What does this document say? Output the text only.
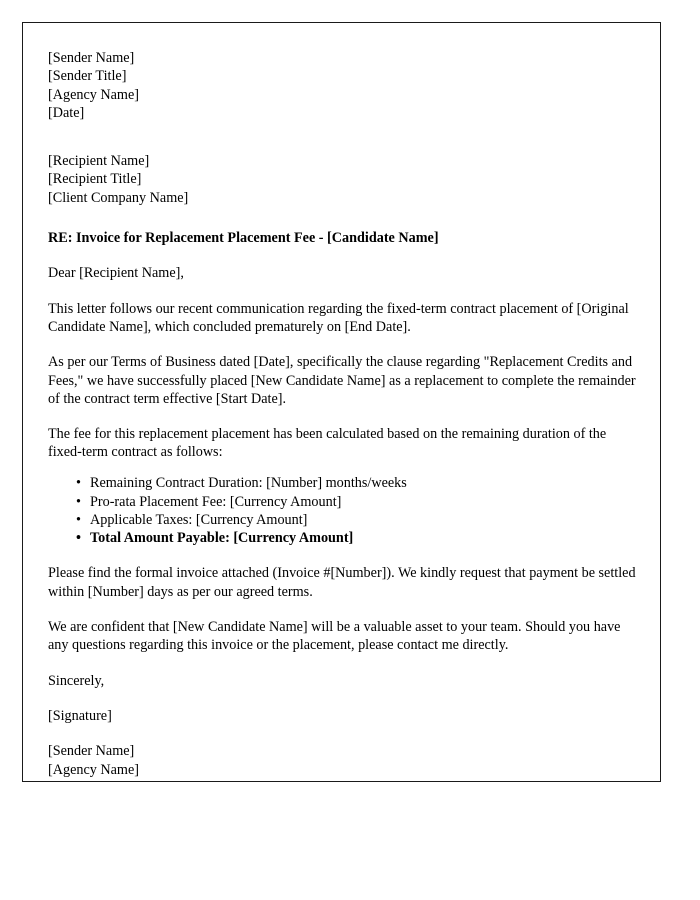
[Sender Name]
[Sender Title]
[Agency Name]
[Date]
[Recipient Name]
[Recipient Title]
[Client Company Name]

RE: Invoice for Replacement Placement Fee - [Candidate Name]

Dear [Recipient Name],

This letter follows our recent communication regarding the fixed-term contract placement of [Original Candidate Name], which concluded prematurely on [End Date].

As per our Terms of Business dated [Date], specifically the clause regarding "Replacement Credits and Fees," we have successfully placed [New Candidate Name] as a replacement to complete the remainder of the contract term effective [Start Date].

The fee for this replacement placement has been calculated based on the remaining duration of the fixed-term contract as follows:

• Remaining Contract Duration: [Number] months/weeks
• Pro-rata Placement Fee: [Currency Amount]
• Applicable Taxes: [Currency Amount]
• Total Amount Payable: [Currency Amount]

Please find the formal invoice attached (Invoice #[Number]). We kindly request that payment be settled within [Number] days as per our agreed terms.

We are confident that [New Candidate Name] will be a valuable asset to your team. Should you have any questions regarding this invoice or the placement, please contact me directly.

Sincerely,

[Signature]

[Sender Name]
[Agency Name]
